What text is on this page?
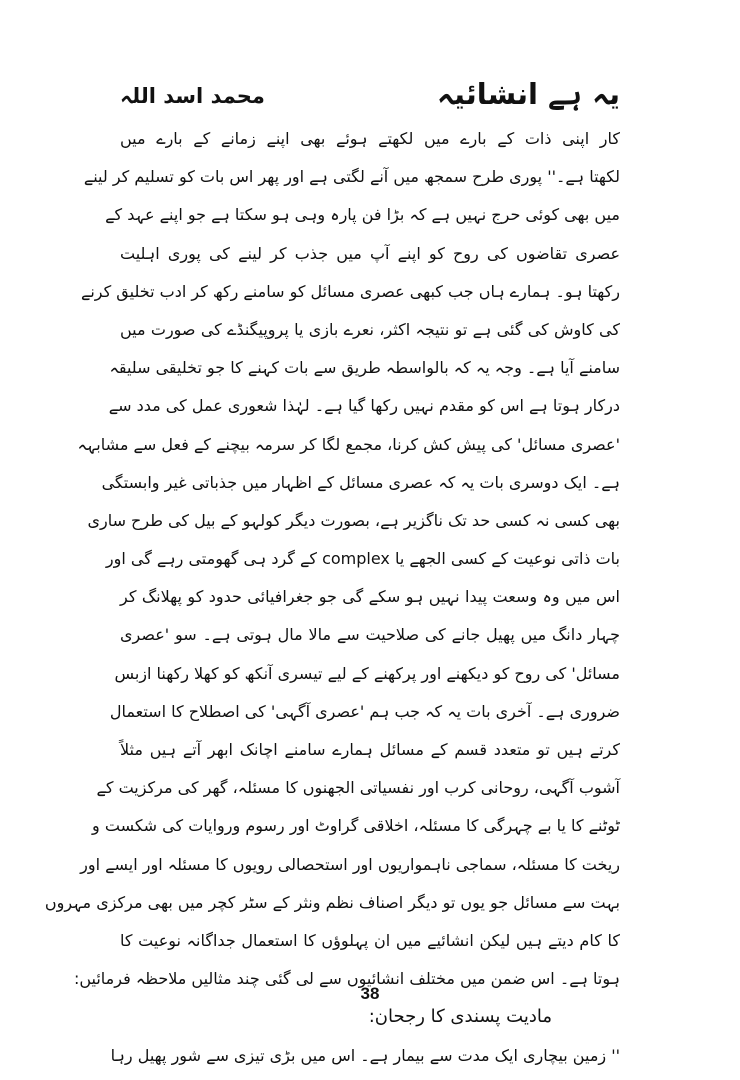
یہ ہے انشائیہ
محمد اسد اللہ
کار اپنی ذات کے بارے میں لکھتے ہوئے بھی اپنے زمانے کے بارے میں
لکھتا ہے۔'' پوری طرح سمجھ میں آنے لگتی ہے اور پھر اس بات کو تسلیم کر لینے
میں بھی کوئی حرج نہیں ہے کہ بڑا فن پارہ وہی ہو سکتا ہے جو اپنے عہد کے
عصری تقاضوں کی روح کو اپنے آپ میں جذب کر لینے کی پوری اہلیت
رکھتا ہو۔ ہمارے ہاں جب کبھی عصری مسائل کو سامنے رکھ کر ادب تخلیق کرنے
کی کاوش کی گئی ہے تو نتیجہ اکثر، نعرے بازی یا پروپیگنڈے کی صورت میں
سامنے آیا ہے۔ وجہ یہ کہ بالواسطہ طریق سے بات کہنے کا جو تخلیقی سلیقہ
درکار ہوتا ہے اس کو مقدم نہیں رکھا گیا ہے۔ لہٰذا شعوری عمل کی مدد سے
'عصری مسائل' کی پیش کش کرنا، مجمع لگا کر سرمہ بیچنے کے فعل سے مشابہہ
ہے۔ ایک دوسری بات یہ کہ عصری مسائل کے اظہار میں جذباتی غیر وابستگی
بھی کسی نہ کسی حد تک ناگزیر ہے، بصورت دیگر کولہو کے بیل کی طرح ساری
بات ذاتی نوعیت کے کسی الجھے یا complex کے گرد ہی گھومتی رہے گی اور
اس میں وہ وسعت پیدا نہیں ہو سکے گی جو جغرافیائی حدود کو پھلانگ کر
چہار دانگ میں پھیل جانے کی صلاحیت سے مالا مال ہوتی ہے۔ سو 'عصری
مسائل' کی روح کو دیکھنے اور پرکھنے کے لیے تیسری آنکھ کو کھلا رکھنا ازبس
ضروری ہے۔ آخری بات یہ کہ جب ہم 'عصری آگہی' کی اصطلاح کا استعمال
کرتے ہیں تو متعدد قسم کے مسائل ہمارے سامنے اچانک ابھر آتے ہیں مثلاً
آشوب آگہی، روحانی کرب اور نفسیاتی الجھنوں کا مسئلہ، گھر کی مرکزیت کے
ٹوٹنے کا یا بے چہرگی کا مسئلہ، اخلاقی گراوٹ اور رسوم وروایات کی شکست و
ریخت کا مسئلہ، سماجی ناہمواریوں اور استحصالی رویوں کا مسئلہ اور ایسے اور
بہت سے مسائل جو یوں تو دیگر اصناف نظم ونثر کے سٹر کچر میں بھی مرکزی مہروں
کا کام دیتے ہیں لیکن انشائیے میں ان پہلوؤں کا استعمال جداگانہ نوعیت کا
ہوتا ہے۔ اس ضمن میں مختلف انشائیوں سے لی گئی چند مثالیں ملاحظہ فرمائیں:
مادیت پسندی کا رجحان:
'' زمین بیچاری ایک مدت سے بیمار ہے۔ اس میں بڑی تیزی سے شور پھیل رہا
38
